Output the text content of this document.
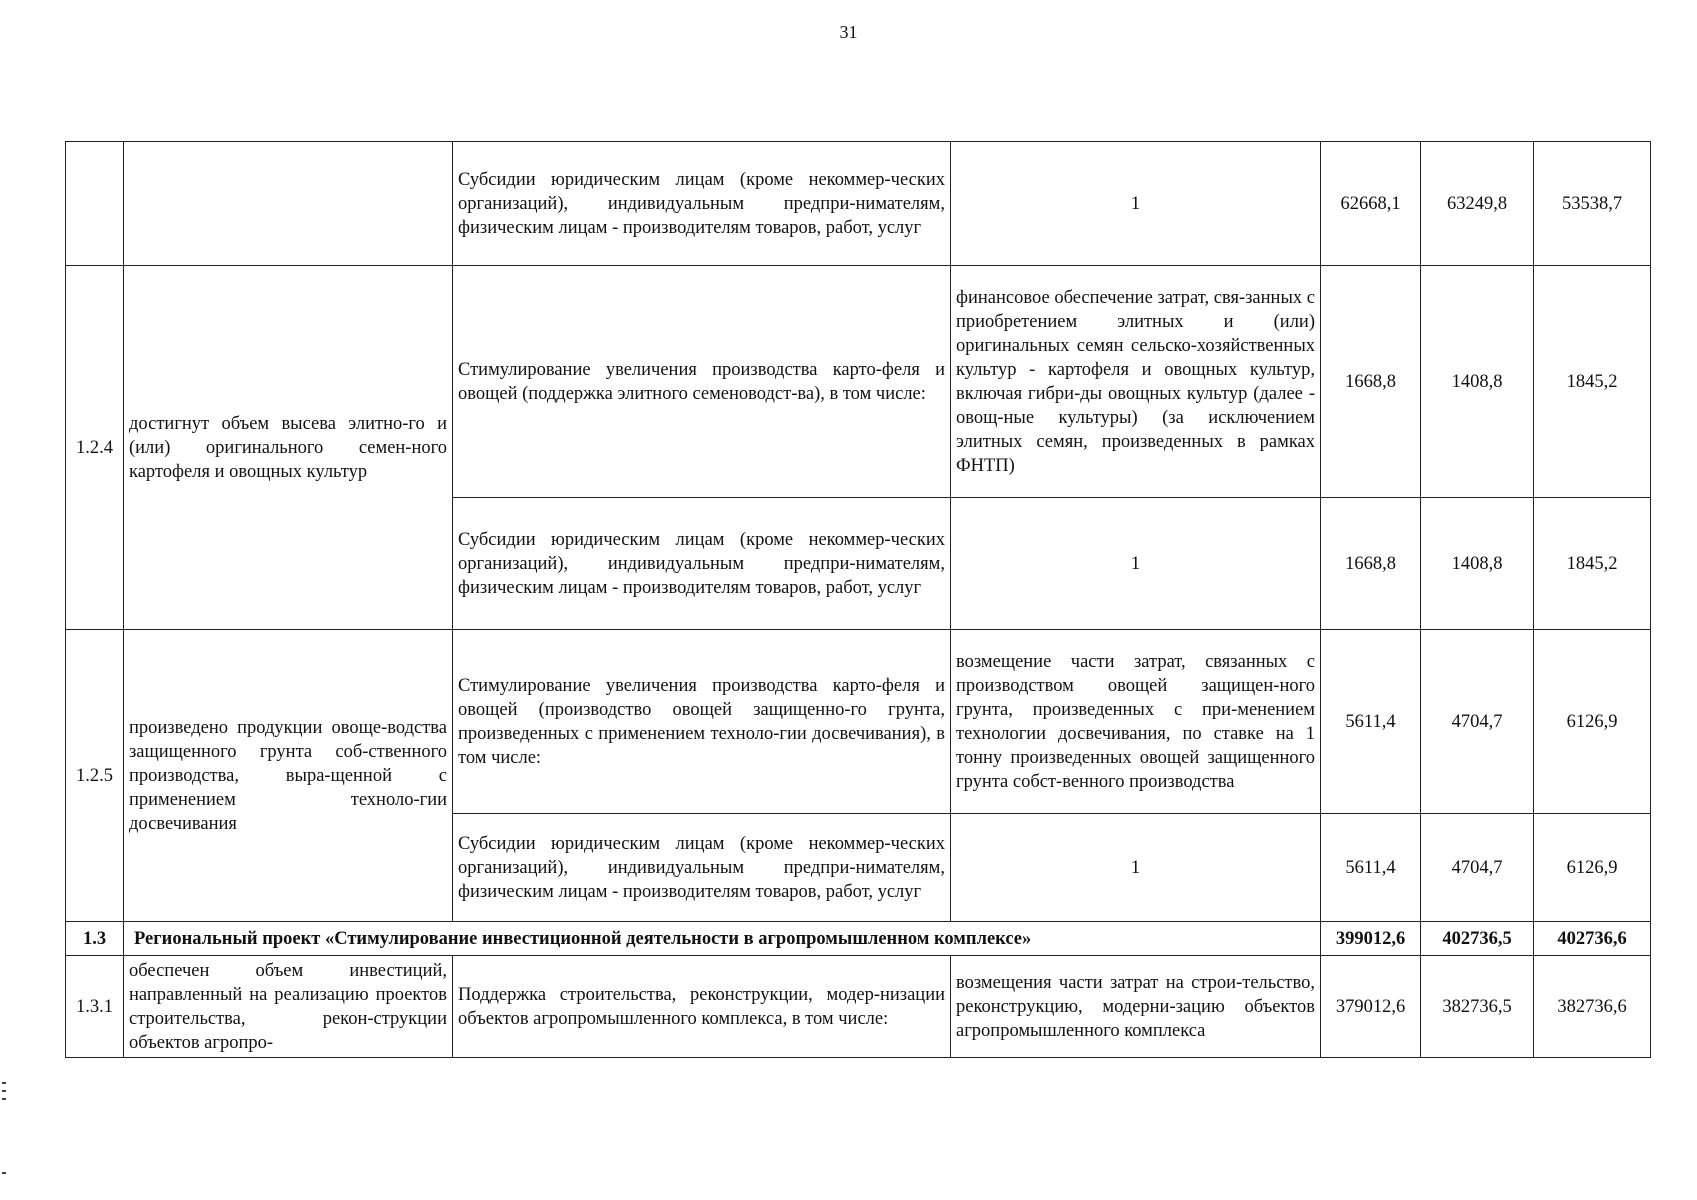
31
		Субсидии юридическим лицам (кроме некоммер-ческих организаций), индивидуальным предпри-нимателям, физическим лицам - производителям товаров, работ, услуг	1	62668,1	63249,8	53538,7
1.2.4	достигнут объем высева элитно-го и (или) оригинального семен-ного картофеля и овощных культур	Стимулирование увеличения производства карто-феля и овощей (поддержка элитного семеноводст-ва), в том числе:	финансовое обеспечение затрат, свя-занных с приобретением элитных и (или) оригинальных семян сельско-хозяйственных культур - картофеля и овощных культур, включая гибри-ды овощных культур (далее - овощ-ные культуры) (за исключением элитных семян, произведенных в рамках ФНТП)	1668,8	1408,8	1845,2
		Субсидии юридическим лицам (кроме некоммер-ческих организаций), индивидуальным предпри-нимателям, физическим лицам - производителям товаров, работ, услуг	1	1668,8	1408,8	1845,2
1.2.5	произведено продукции овоще-водства защищенного грунта соб-ственного производства, выра-щенной с применением техноло-гии досвечивания	Стимулирование увеличения производства карто-феля и овощей (производство овощей защищенно-го грунта, произведенных с применением техноло-гии досвечивания), в том числе:	возмещение части затрат, связанных с производством овощей защищен-ного грунта, произведенных с при-менением технологии досвечивания, по ставке на 1 тонну произведенных овощей защищенного грунта собст-венного производства	5611,4	4704,7	6126,9
		Субсидии юридическим лицам (кроме некоммер-ческих организаций), индивидуальным предпри-нимателям, физическим лицам - производителям товаров, работ, услуг	1	5611,4	4704,7	6126,9
1.3	Региональный проект «Стимулирование инвестиционной деятельности в агропромышленном комплексе»			399012,6	402736,5	402736,6
1.3.1	обеспечен объем инвестиций, направленный на реализацию проектов строительства, рекон-струкции объектов агропро-	Поддержка строительства, реконструкции, модер-низации объектов агропромышленного комплекса, в том числе:	возмещения части затрат на строи-тельство, реконструкцию, модерни-зацию объектов агропромышленного комплекса	379012,6	382736,5	382736,6
